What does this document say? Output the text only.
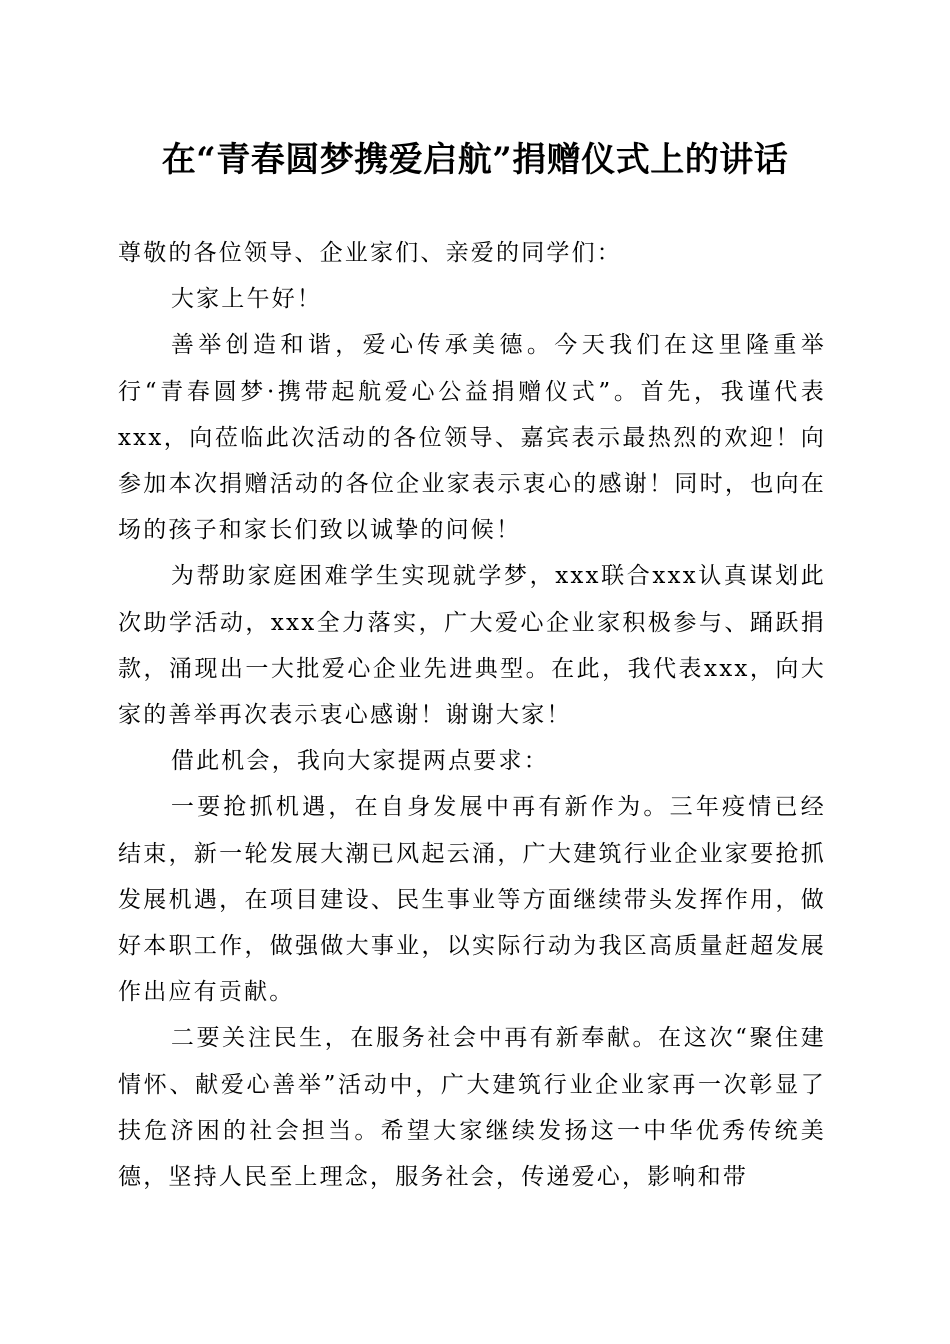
在“青春圆梦携爱启航”捐赠仪式上的讲话

尊敬的各位领导、企业家们、亲爱的同学们：

大家上午好！

善举创造和谐，爱心传承美德。今天我们在这里隆重举行“青春圆梦·携带起航爱心公益捐赠仪式”。首先，我谨代表xxx，向莅临此次活动的各位领导、嘉宾表示最热烈的欢迎！向参加本次捐赠活动的各位企业家表示衷心的感谢！同时，也向在场的孩子和家长们致以诚挚的问候！

为帮助家庭困难学生实现就学梦，xxx联合xxx认真谋划此次助学活动，xxx全力落实，广大爱心企业家积极参与、踊跃捐款，涌现出一大批爱心企业先进典型。在此，我代表xxx，向大家的善举再次表示衷心感谢！谢谢大家！

借此机会，我向大家提两点要求：

一要抢抓机遇，在自身发展中再有新作为。三年疫情已经结束，新一轮发展大潮已风起云涌，广大建筑行业企业家要抢抓发展机遇，在项目建设、民生事业等方面继续带头发挥作用，做好本职工作，做强做大事业，以实际行动为我区高质量赶超发展作出应有贡献。

二要关注民生，在服务社会中再有新奉献。在这次“聚住建情怀、献爱心善举”活动中，广大建筑行业企业家再一次彰显了扶危济困的社会担当。希望大家继续发扬这一中华优秀传统美德，坚持人民至上理念，服务社会，传递爱心，影响和带
